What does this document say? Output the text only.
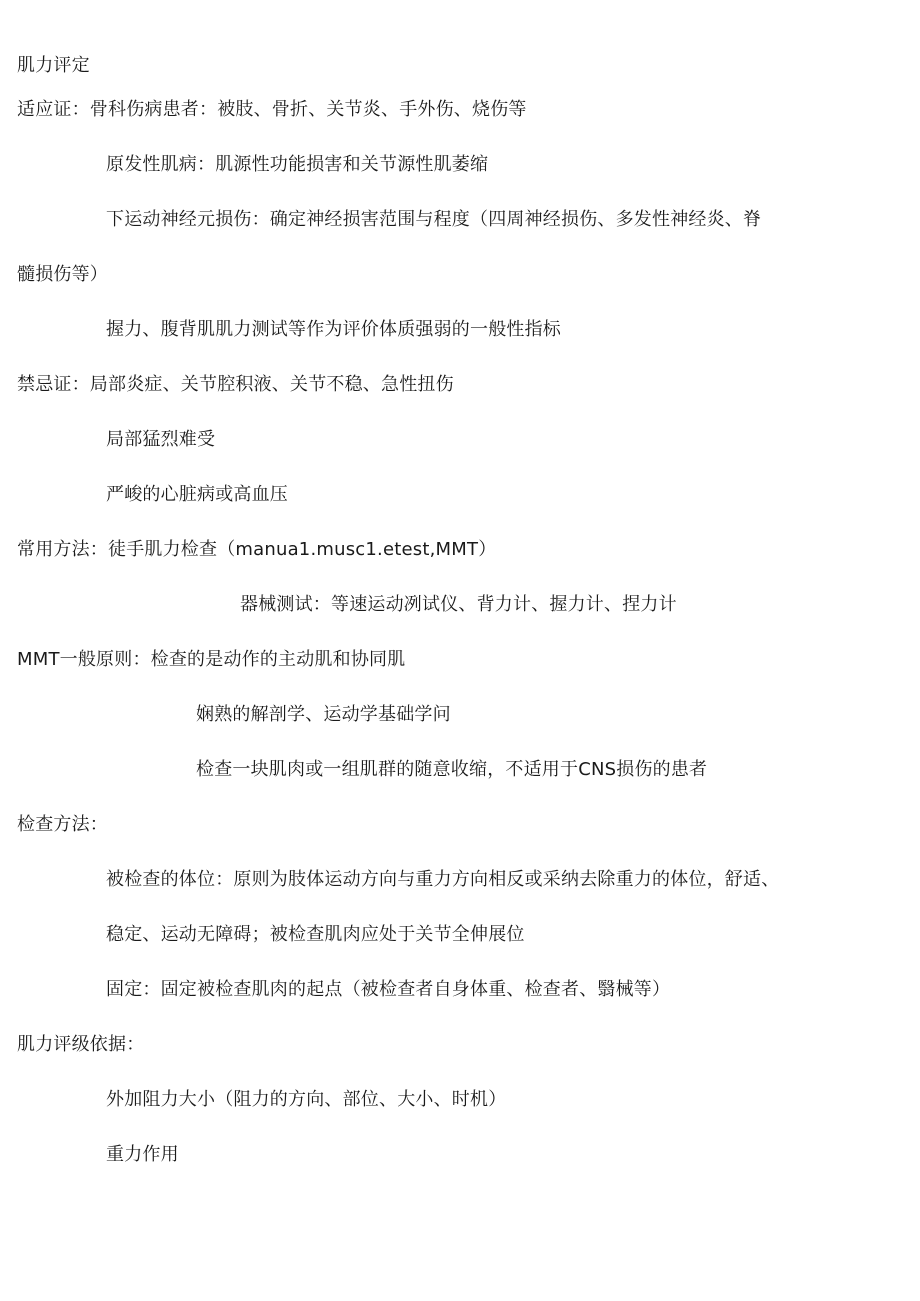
肌力评定
适应证：骨科伤病患者：被肢、骨折、关节炎、手外伤、烧伤等
原发性肌病：肌源性功能损害和关节源性肌萎缩
下运动神经元损伤：确定神经损害范围与程度（四周神经损伤、多发性神经炎、脊
髓损伤等）
握力、腹背肌肌力测试等作为评价体质强弱的一般性指标
禁忌证：局部炎症、关节腔积液、关节不稳、急性扭伤
局部猛烈难受
严峻的心脏病或高血压
常用方法：徒手肌力检查（manua1.musc1.etest,MMT）
器械测试：等速运动冽试仪、背力计、握力计、捏力计
MMT一般原则：检查的是动作的主动肌和协同肌
娴熟的解剖学、运动学基础学问
检查一块肌肉或一组肌群的随意收缩，不适用于CNS损伤的患者
检查方法：
被检查的体位：原则为肢体运动方向与重力方向相反或采纳去除重力的体位，舒适、
稳定、运动无障碍；被检查肌肉应处于关节全伸展位
固定：固定被检查肌肉的起点（被检查者自身体重、检查者、翳械等）
肌力评级依据：
外加阻力大小（阻力的方向、部位、大小、时机）
重力作用
